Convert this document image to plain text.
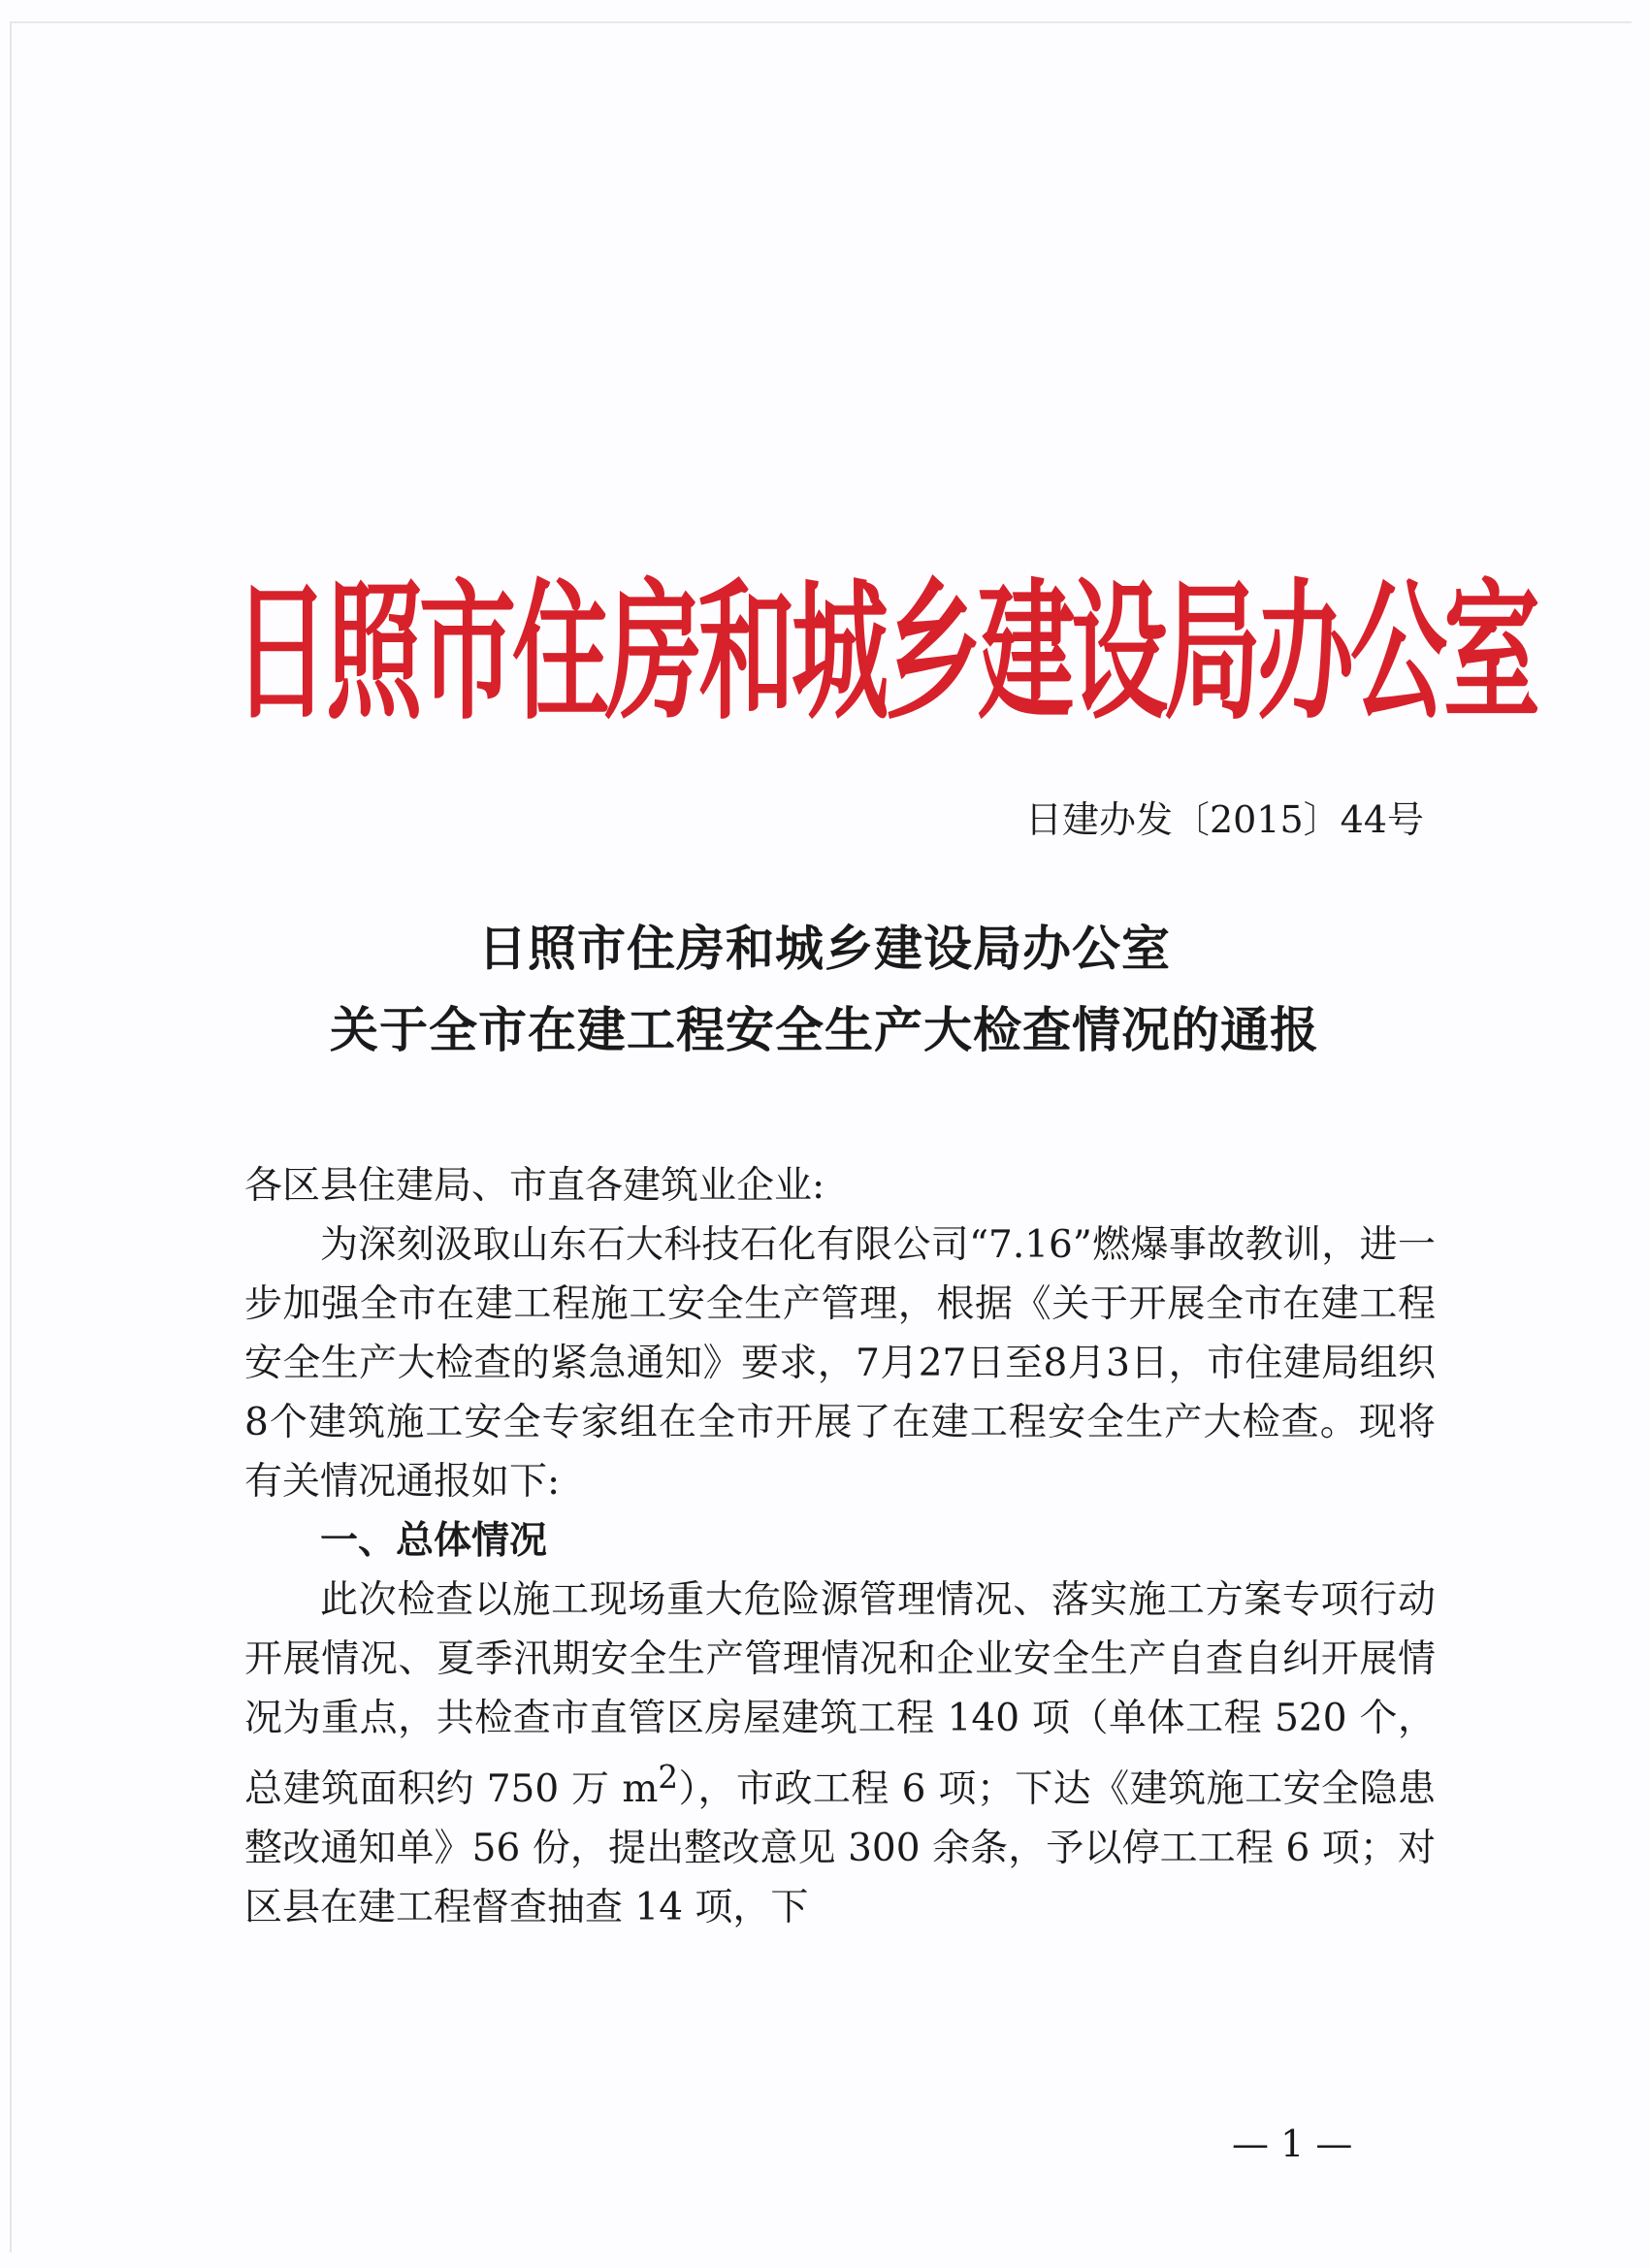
日照市住房和城乡建设局办公室
日建办发〔2015〕44号
日照市住房和城乡建设局办公室
关于全市在建工程安全生产大检查情况的通报

各区县住建局、市直各建筑业企业:

为深刻汲取山东石大科技石化有限公司“7.16”燃爆事故教训，进一步加强全市在建工程施工安全生产管理，根据《关于开展全市在建工程安全生产大检查的紧急通知》要求，7月27日至8月3日，市住建局组织8个建筑施工安全专家组在全市开展了在建工程安全生产大检查。现将有关情况通报如下:

一、总体情况

此次检查以施工现场重大危险源管理情况、落实施工方案专项行动开展情况、夏季汛期安全生产管理情况和企业安全生产自查自纠开展情况为重点，共检查市直管区房屋建筑工程 140 项（单体工程 520 个，总建筑面积约 750 万 $m^2$），市政工程 6 项；下达《建筑施工安全隐患整改通知单》56 份，提出整改意见 300 余条，予以停工工程 6 项；对区县在建工程督查抽查 14 项，下

— 1 —
